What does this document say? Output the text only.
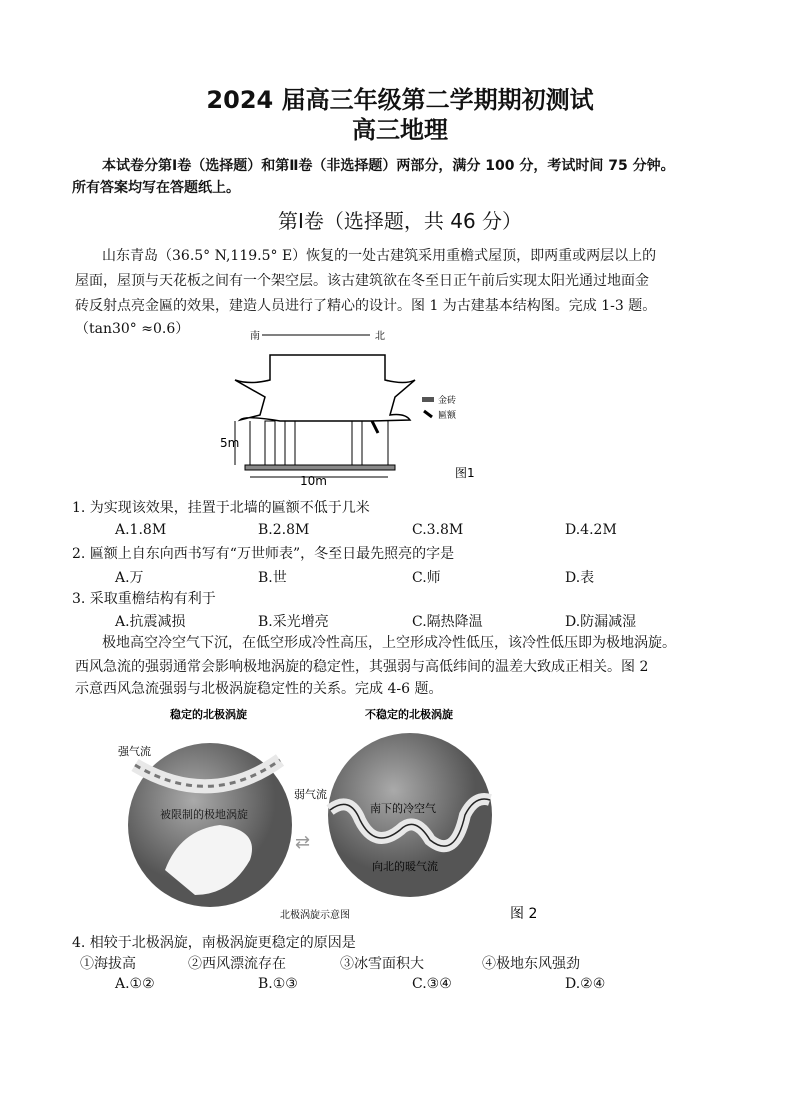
2024 届高三年级第二学期期初测试
高三地理
本试卷分第Ⅰ卷（选择题）和第Ⅱ卷（非选择题）两部分，满分 100 分，考试时间 75 分钟。
所有答案均写在答题纸上。
第Ⅰ卷（选择题，共 46 分）
山东青岛（36.5° N,119.5° E）恢复的一处古建筑采用重檐式屋顶，即两重或两层以上的
屋面，屋顶与天花板之间有一个架空层。该古建筑欲在冬至日正午前后实现太阳光通过地面金
砖反射点亮金匾的效果，建造人员进行了精心的设计。图 1 为古建基本结构图。完成 1-3 题。
（tan30° ≈0.6）	南	北
5m
10m
金砖
匾额
图1
1. 为实现该效果，挂置于北墙的匾额不低于几米
A.1.8M	B.2.8M	C.3.8M	D.4.2M
2. 匾额上自东向西书写有“万世师表”，冬至日最先照亮的字是
A.万	B.世	C.师	D.表
3. 采取重檐结构有利于
A.抗震减损	B.采光增亮	C.隔热降温	D.防漏减湿
极地高空冷空气下沉，在低空形成冷性高压，上空形成冷性低压，该冷性低压即为极地涡旋。
西风急流的强弱通常会影响极地涡旋的稳定性，其强弱与高低纬间的温差大致成正相关。图 2
示意西风急流强弱与北极涡旋稳定性的关系。完成 4-6 题。
稳定的北极涡旋
强气流
被限制的极地涡旋
弱气流
⇄
不稳定的北极涡旋
南下的冷空气
向北的暖气流
北极涡旋示意图	图 2
4. 相较于北极涡旋，南极涡旋更稳定的原因是
①海拔高	②西风漂流存在	③冰雪面积大	④极地东风强劲
A.①②	B.①③	C.③④	D.②④
